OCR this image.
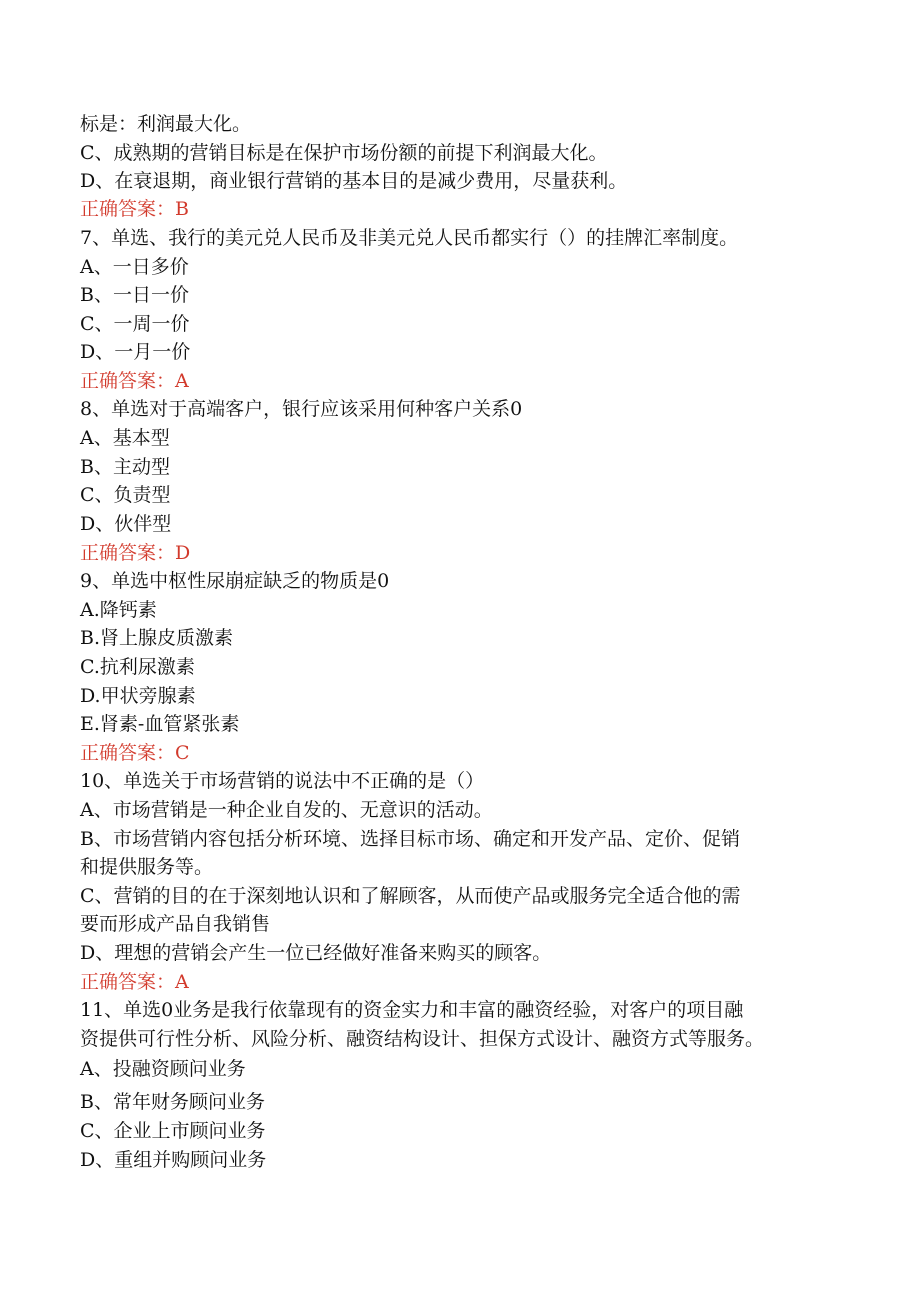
标是：利润最大化。

C、成熟期的营销目标是在保护市场份额的前提下利润最大化。

D、在衰退期，商业银行营销的基本目的是减少费用，尽量获利。

正确答案：B

7、单选、我行的美元兑人民币及非美元兑人民币都实行（）的挂牌汇率制度。

A、一日多价

B、一日一价

C、一周一价

D、一月一价

正确答案：A

8、单选对于高端客户，银行应该采用何种客户关系0

A、基本型

B、主动型

C、负责型

D、伙伴型

正确答案：D

9、单选中枢性尿崩症缺乏的物质是0

A.降钙素

B.肾上腺皮质激素

C.抗利尿激素

D.甲状旁腺素

E.肾素-血管紧张素

正确答案：C

10、单选关于市场营销的说法中不正确的是（）

A、市场营销是一种企业自发的、无意识的活动。

B、市场营销内容包括分析环境、选择目标市场、确定和开发产品、定价、促销

和提供服务等。

C、营销的目的在于深刻地认识和了解顾客，从而使产品或服务完全适合他的需

要而形成产品自我销售

D、理想的营销会产生一位已经做好准备来购买的顾客。

正确答案：A

11、单选0业务是我行依靠现有的资金实力和丰富的融资经验，对客户的项目融

资提供可行性分析、风险分析、融资结构设计、担保方式设计、融资方式等服务。

A、投融资顾问业务

B、常年财务顾问业务

C、企业上市顾问业务

D、重组并购顾问业务
